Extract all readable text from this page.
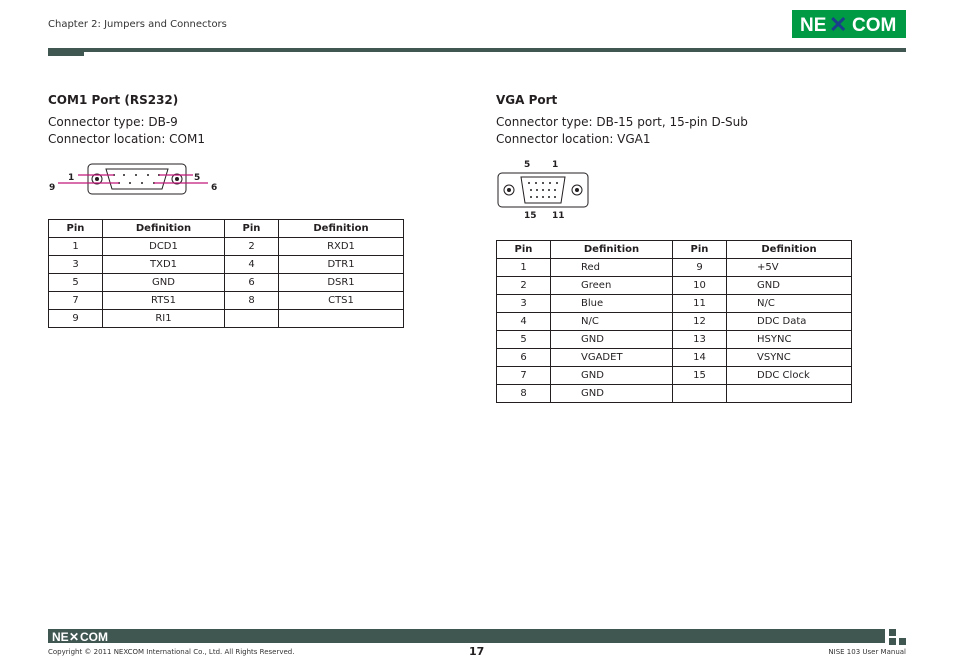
Chapter 2: Jumpers and Connectors	NE ✕ COM
COM1 Port (RS232)
Connector type: DB-9
Connector location: COM1
1	5
9	6
Pin	Definition	Pin	Definition
1	DCD1	2	RXD1
3	TXD1	4	DTR1
5	GND	6	DSR1
7	RTS1	8	CTS1
9	RI1		
VGA Port
Connector type: DB-15 port, 15-pin D-Sub
Connector location: VGA1
5 1
15 11
Pin	Definition	Pin	Definition
1	Red	9	+5V
2	Green	10	GND
3	Blue	11	N/C
4	N/C	12	DDC Data
5	GND	13	HSYNC
6	VGADET	14	VSYNC
7	GND	15	DDC Clock
8	GND		
NE ✕ COM
Copyright © 2011 NEXCOM International Co., Ltd. All Rights Reserved.	17	NISE 103 User Manual
